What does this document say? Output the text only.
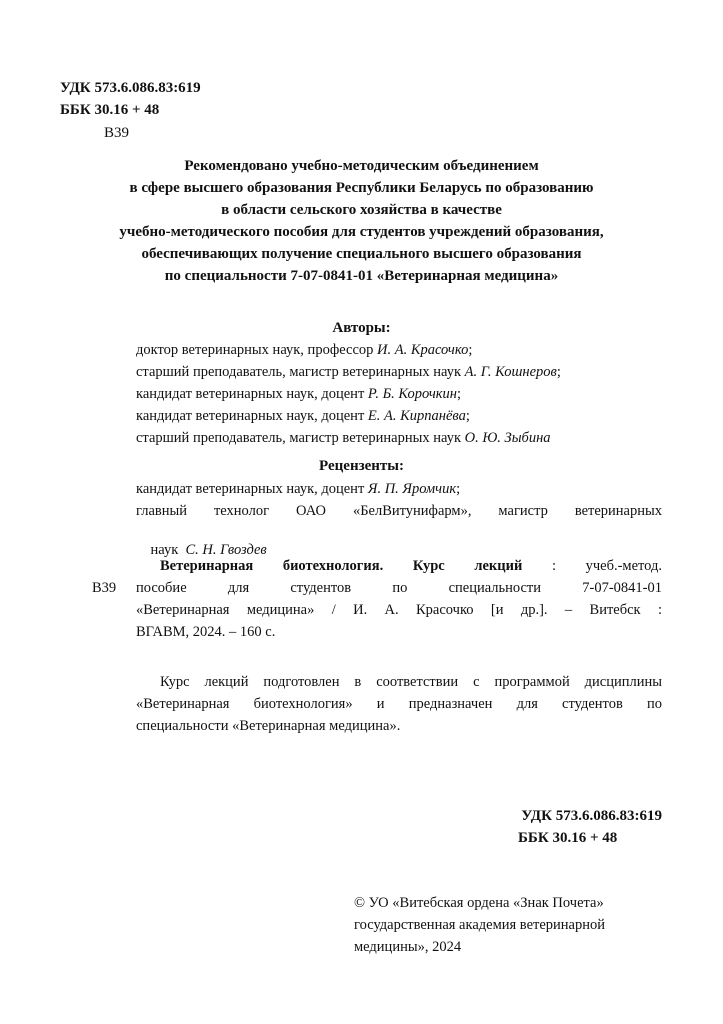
УДК 573.6.086.83:619
ББК 30.16 + 48
В39
Рекомендовано учебно-методическим объединением
в сфере высшего образования Республики Беларусь по образованию
в области сельского хозяйства в качестве
учебно-методического пособия для студентов учреждений образования,
обеспечивающих получение специального высшего образования
по специальности 7-07-0841-01 «Ветеринарная медицина»
Авторы:
доктор ветеринарных наук, профессор И. А. Красочко;
старший преподаватель, магистр ветеринарных наук А. Г. Кошнеров;
кандидат ветеринарных наук, доцент Р. Б. Корочкин;
кандидат ветеринарных наук, доцент Е. А. Кирпанёва;
старший преподаватель, магистр ветеринарных наук О. Ю. Зыбина
Рецензенты:
кандидат ветеринарных наук, доцент Я. П. Яромчик;
главный технолог ОАО «БелВитунифарм», магистр ветеринарных

наук  С. Н. Гвоздев

В39
Ветеринарная биотехнология. Курс лекций : учеб.-метод.
пособие для студентов по специальности 7-07-0841-01
«Ветеринарная медицина» / И. А. Красочко [и др.]. – Витебск :
ВГАВМ, 2024. – 160 с.
Курс лекций подготовлен в соответствии с программой дисциплины
«Ветеринарная биотехнология» и предназначен для студентов по
специальности «Ветеринарная медицина».
УДК 573.6.086.83:619
ББК 30.16 + 48
© УО «Витебская ордена «Знак Почета»
государственная академия ветеринарной
медицины», 2024
